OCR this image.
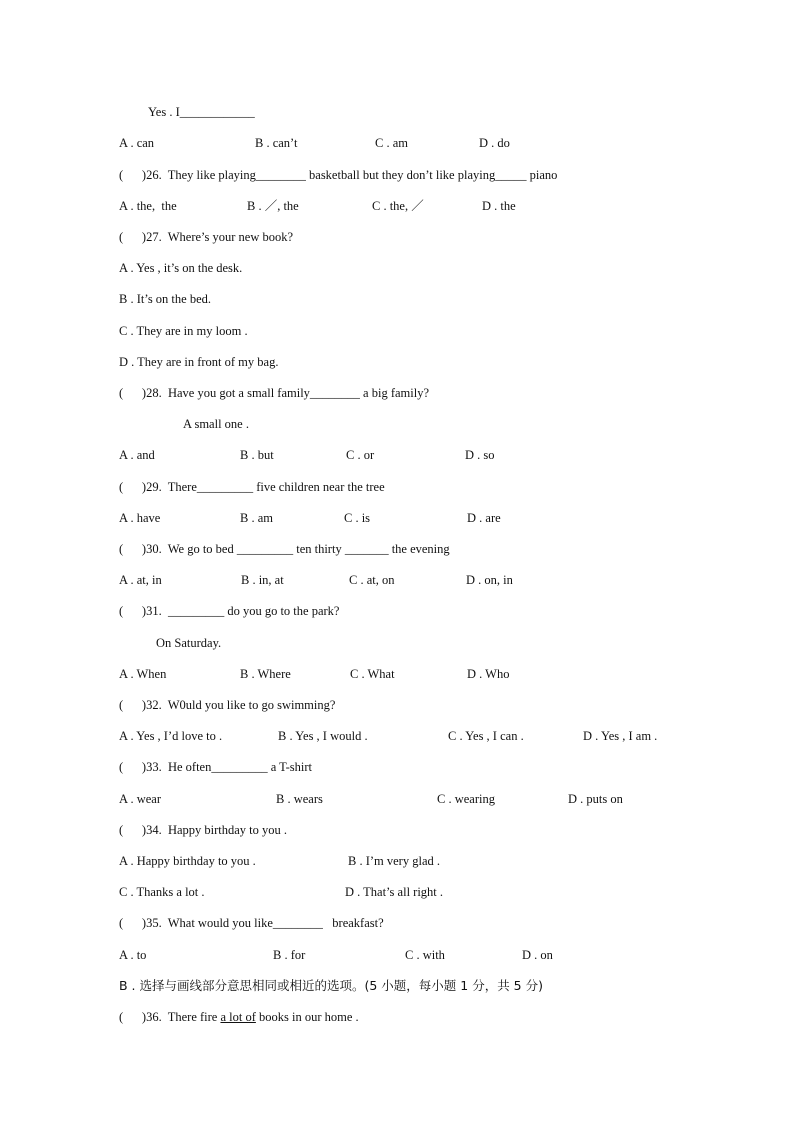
Yes . I____________
A . can	B . can’t	C . am	D . do
(      )26.  They like playing________ basketball but they don’t like playing_____ piano
A . the,  the	B . ／, the	C . the, ／	D . the
(      )27.  Where’s your new book?
A . Yes , it’s on the desk.
B . It’s on the bed.
C . They are in my loom .
D . They are in front of my bag.
(      )28.  Have you got a small family________ a big family?
A small one .
A . and	B . but	C . or	D . so
(      )29.  There_________ five children near the tree
A . have	B . am	C . is	D . are
(      )30.  We go to bed _________ ten thirty _______ the evening
A . at, in	B . in, at	C . at, on	D . on, in
(      )31.  _________ do you go to the park?
On Saturday.
A . When	B . Where	C . What	D . Who
(      )32.  W0uld you like to go swimming?
A . Yes , I’d love to .	B . Yes , I would .	C . Yes , I can .	D . Yes , I am .
(      )33.  He often_________ a T-shirt
A . wear	B . wears	C . wearing	D . puts on
(      )34.  Happy birthday to you .
A . Happy birthday to you .	B . I’m very glad .
C . Thanks a lot .	D . That’s all right .
(      )35.  What would you like________   breakfast?
A . to	B . for	C . with	D . on
B . 选择与画线部分意思相同或相近的选项。(5 小题，每小题 1 分，共 5 分)
(      )36.  There fire a lot of books in our home .
